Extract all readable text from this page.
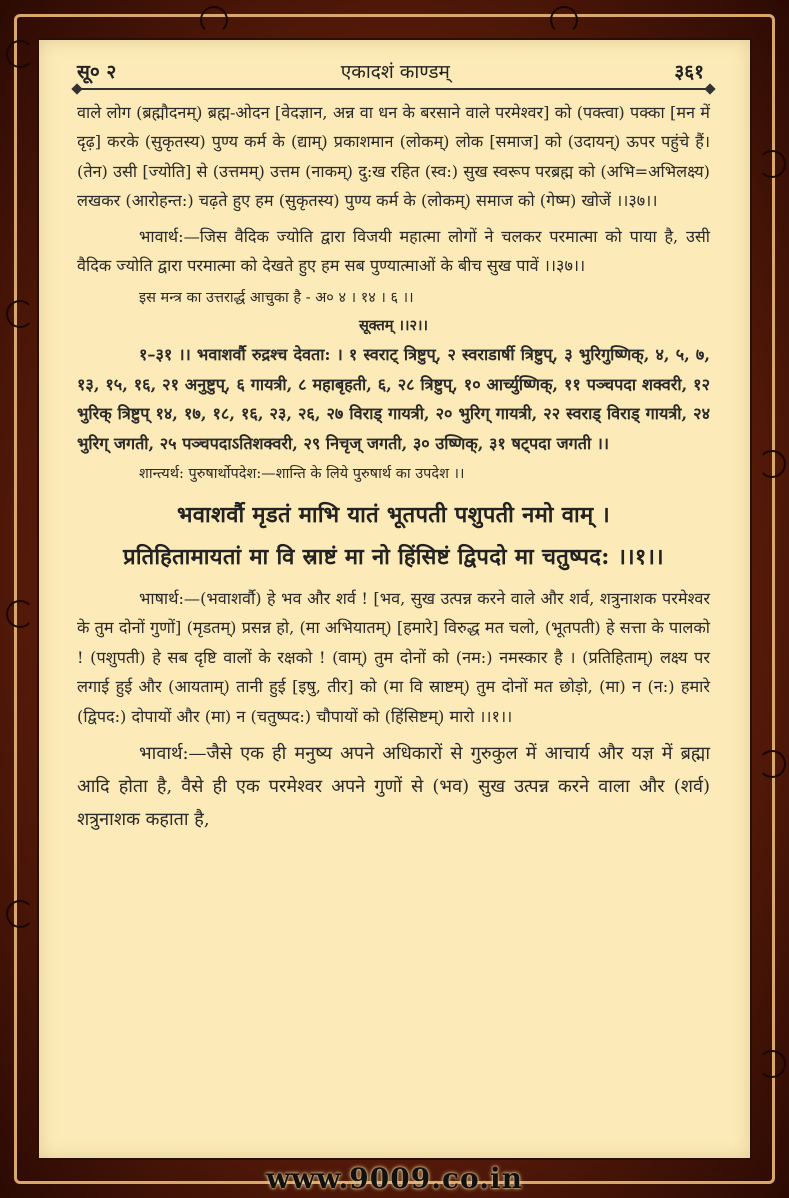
सू० २	एकादशं काण्डम्	३६१

वाले लोग (ब्रह्मौदनम्) ब्रह्म-ओदन [वेदज्ञान, अन्न वा धन के बरसाने वाले परमेश्वर] को (पक्त्वा) पक्का [मन में दृढ़] करके (सुकृतस्य) पुण्य कर्म के (द्याम्) प्रकाशमान (लोकम्) लोक [समाज] को (उदायन्) ऊपर पहुंचे हैं। (तेन) उसी [ज्योति] से (उत्तमम्) उत्तम (नाकम्) दु:ख रहित (स्व:) सुख स्वरूप परब्रह्म को (अभि=अभिलक्ष्य) लखकर (आरोहन्त:) चढ़ते हुए हम (सुकृतस्य) पुण्य कर्म के (लोकम्) समाज को (गेष्म) खोजें ।।३७।।

भावार्थ:—जिस वैदिक ज्योति द्वारा विजयी महात्मा लोगों ने चलकर परमात्मा को पाया है, उसी वैदिक ज्योति द्वारा परमात्मा को देखते हुए हम सब पुण्यात्माओं के बीच सुख पावें ।।३७।।

इस मन्त्र का उत्तरार्द्ध आचुका है - अ० ४ । १४ । ६ ।।

सूक्तम् ।।२।।

१–३१ ।। भवाशर्वौ रुद्रश्च देवता: । १ स्वराट् त्रिष्टुप्, २ स्वराडार्षी त्रिष्टुप्, ३ भुरिगुष्णिक्, ४, ५, ७, १३, १५, १६, २१ अनुष्टुप्, ६ गायत्री, ८ महाबृहती, ६, २८ त्रिष्टुप्, १० आर्च्युष्णिक्, ११ पञ्चपदा शक्वरी, १२ भुरिक् त्रिष्टुप् १४, १७, १८, १६, २३, २६, २७ विराड् गायत्री, २० भुरिग् गायत्री, २२ स्वराड् विराड् गायत्री, २४ भुरिग् जगती, २५ पञ्चपदाऽतिशक्वरी, २९ निचृज् जगती, ३० उष्णिक्, ३१ षट्पदा जगती ।।

शान्त्यर्थ: पुरुषार्थोपदेश:—शान्ति के लिये पुरुषार्थ का उपदेश ।।

भवाशर्वौ मृडतं माभि यातं भूतपती पशुपती नमो वाम् ।
प्रतिहितामायतां मा वि स्राष्टं मा नो हिंसिष्टं द्विपदो मा चतुष्पद: ।।१।।

भाषार्थ:—(भवाशर्वौ) हे भव और शर्व ! [भव, सुख उत्पन्न करने वाले और शर्व, शत्रुनाशक परमेश्वर के तुम दोनों गुणों] (मृडतम्) प्रसन्न हो, (मा अभियातम्) [हमारे] विरुद्ध मत चलो, (भूतपती) हे सत्ता के पालको ! (पशुपती) हे सब दृष्टि वालों के रक्षको ! (वाम्) तुम दोनों को (नम:) नमस्कार है । (प्रतिहिताम्) लक्ष्य पर लगाई हुई और (आयताम्) तानी हुई [इषु, तीर] को (मा वि स्राष्टम्) तुम दोनों मत छोड़ो, (मा) न (न:) हमारे (द्विपद:) दोपायों और (मा) न (चतुष्पद:) चौपायों को (हिंसिष्टम्) मारो ।।१।।

भावार्थ:—जैसे एक ही मनुष्य अपने अधिकारों से गुरुकुल में आचार्य और यज्ञ में ब्रह्मा आदि होता है, वैसे ही एक परमेश्वर अपने गुणों से (भव) सुख उत्पन्न करने वाला और (शर्व) शत्रुनाशक कहाता है,

www.9009.co.in
